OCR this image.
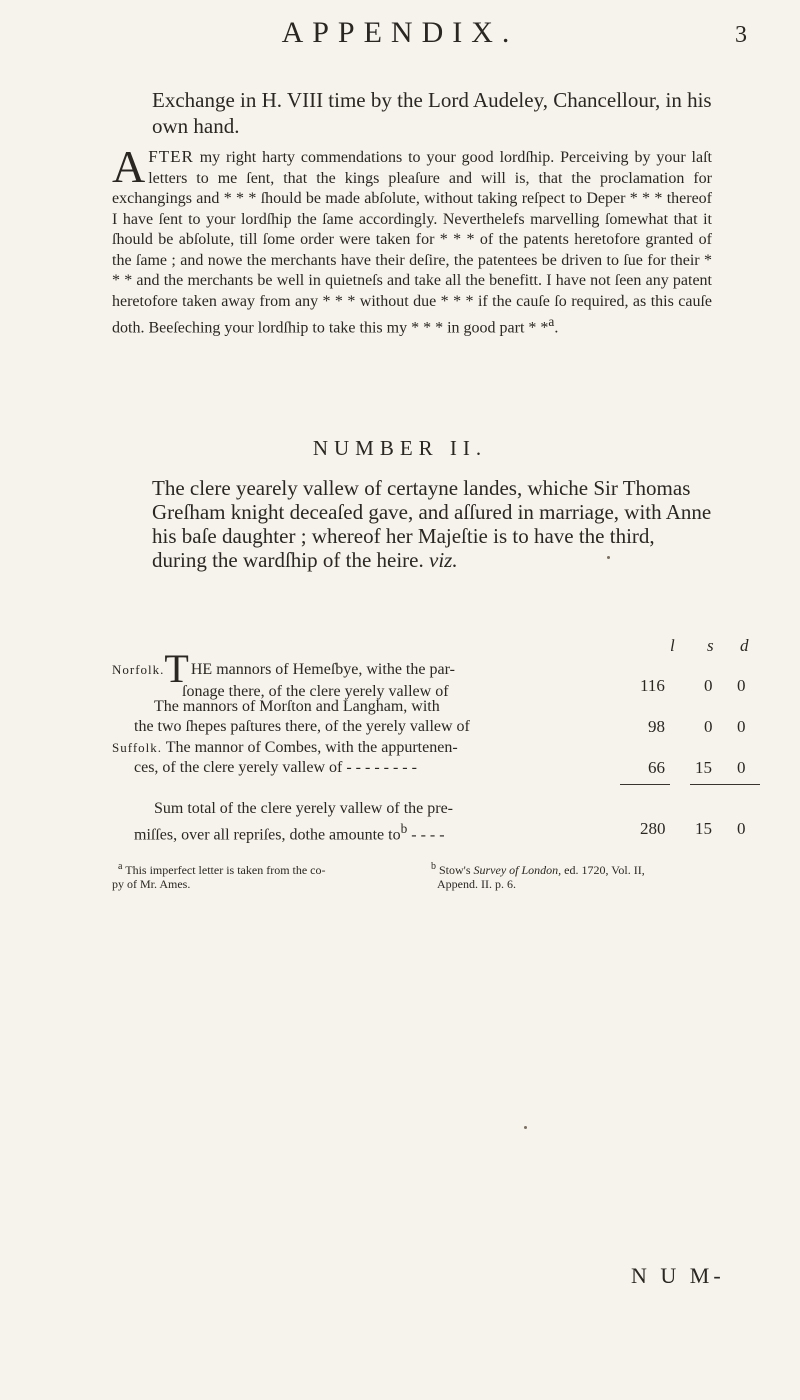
APPENDIX.	3
Exchange in H. VIII time by the Lord Audeley, Chancellour, in his own hand.
AFTER my right harty commendations to your good lordſhip. Perceiving by your laſt letters to me ſent, that the kings pleaſure and will is, that the proclamation for exchangings and * * * ſhould be made abſolute, without taking reſpect to Deper * * * thereof I have ſent to your lordſhip the ſame accordingly. Neverthelefs marvelling ſomewhat that it ſhould be abſolute, till ſome order were taken for * * * of the patents heretofore granted of the ſame ; and nowe the merchants have their deſire, the patentees be driven to ſue for their * * * and the merchants be well in quietneſs and take all the benefitt. I have not ſeen any patent heretofore taken away from any * * * without due * * * if the cauſe ſo required, as this cauſe doth. Beeſeching your lordſhip to take this my * * * in good part * *$^a$.
NUMBER II.
The clere yearely vallew of certayne landes, whiche Sir Thomas Greſham knight deceaſed gave, and aſſured in marriage, with Anne his baſe daughter ; whereof her Majeſtie is to have the third, during the wardſhip of the heire. viz.
l s d
Norfolk.T HE mannors of Hemeſbye, withe the par-
ſonage there, of the clere yerely vallew of	116 0 0
The mannors of Morſton and Langham, with
the two ſhepes paſtures there, of the yerely vallew of	98 0 0
Suffolk. The mannor of Combes, with the appurtenen-
ces, of the clere yerely vallew of - - - - - - - -	66 15 0
Sum total of the clere yerely vallew of the pre-
miſſes, over all repriſes, dothe amounte $to^b$ - - - -	280 15 0
$^a$ This imperfect letter is taken from the co-
py of Mr. Ames.
$^b$ Stow's Survey of London, ed. 1720, Vol. II,
Append. II. p. 6.
N U M-
